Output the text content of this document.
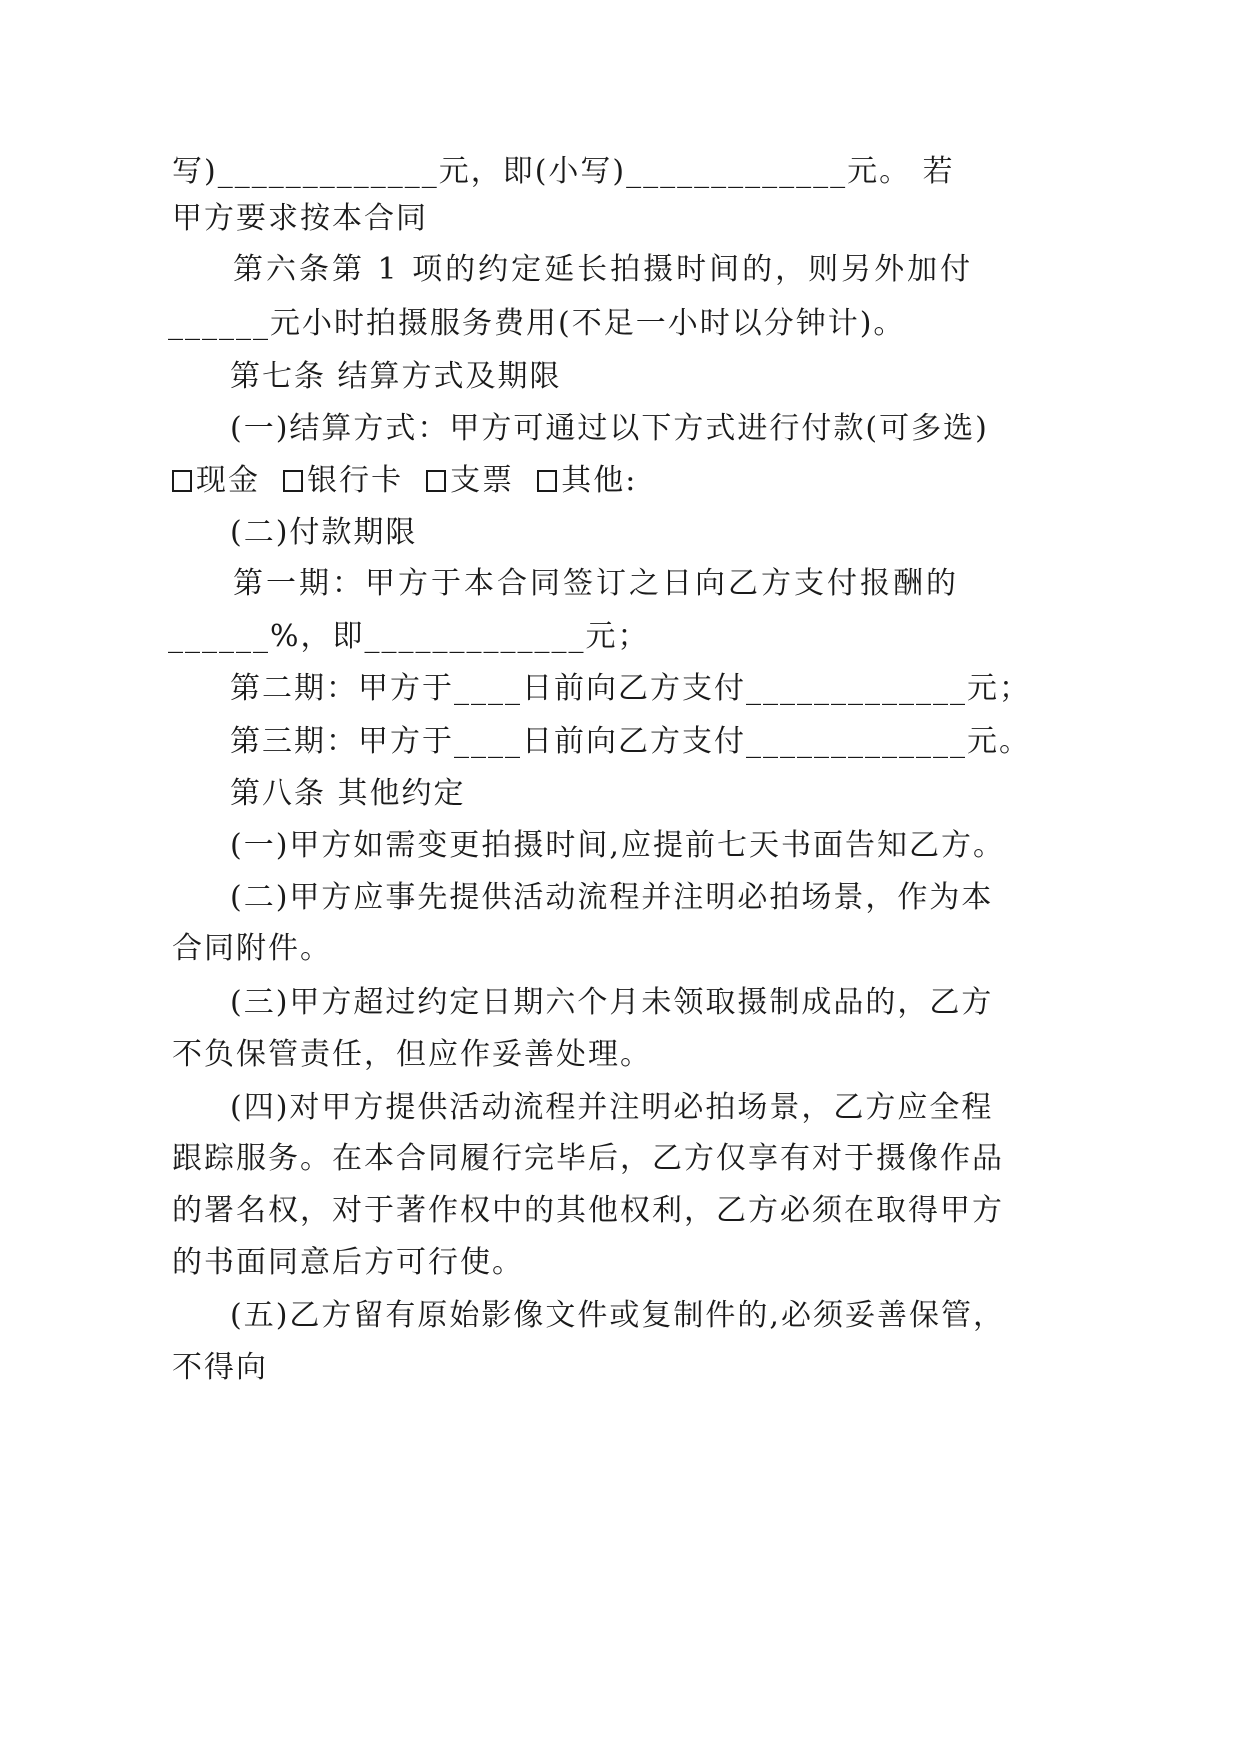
写)_____________元，即(小写)_____________元。 若
甲方要求按本合同
第六条第 1 项的约定延长拍摄时间的，则另外加付
______元小时拍摄服务费用(不足一小时以分钟计)。
第七条 结算方式及期限
(一)结算方式：甲方可通过以下方式进行付款(可多选)
现金 银行卡 支票 其他:
(二)付款期限
第一期：甲方于本合同签订之日向乙方支付报酬的
______%，即_____________元；
第二期：甲方于____日前向乙方支付_____________元；
第三期：甲方于____日前向乙方支付_____________元。
第八条 其他约定
(一)甲方如需变更拍摄时间,应提前七天书面告知乙方。
(二)甲方应事先提供活动流程并注明必拍场景，作为本
合同附件。
(三)甲方超过约定日期六个月未领取摄制成品的，乙方
不负保管责任，但应作妥善处理。
(四)对甲方提供活动流程并注明必拍场景，乙方应全程
跟踪服务。在本合同履行完毕后，乙方仅享有对于摄像作品
的署名权，对于著作权中的其他权利，乙方必须在取得甲方
的书面同意后方可行使。
(五)乙方留有原始影像文件或复制件的,必须妥善保管，
不得向
